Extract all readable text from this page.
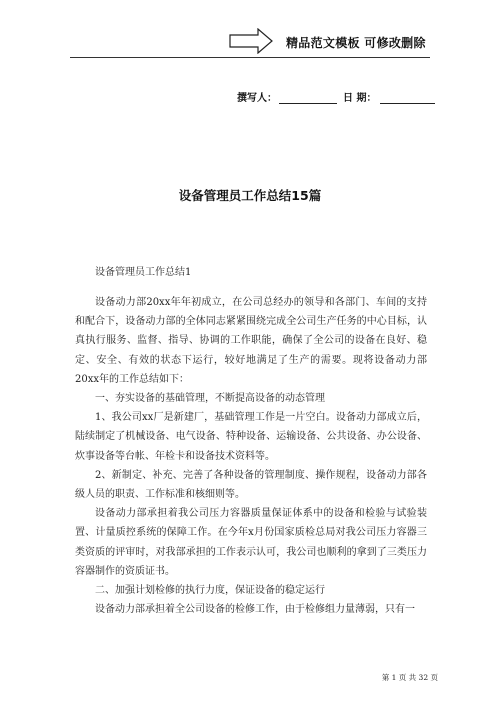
精品范文模板 可修改删除
撰写人：	日 期：
设备管理员工作总结15篇
设备管理员工作总结1

设备动力部20xx年年初成立，在公司总经办的领导和各部门、车间的支持和配合下，设备动力部的全体同志紧紧围绕完成全公司生产任务的中心目标，认真执行服务、监督、指导、协调的工作职能，确保了全公司的设备在良好、稳定、安全、有效的状态下运行，较好地满足了生产的需要。现将设备动力部20xx年的工作总结如下：

一、夯实设备的基础管理，不断提高设备的动态管理

1、我公司xx厂是新建厂，基础管理工作是一片空白。设备动力部成立后，陆续制定了机械设备、电气设备、特种设备、运输设备、公共设备、办公设备、炊事设备等台帐、年检卡和设备技术资料等。

2、新制定、补充、完善了各种设备的管理制度、操作规程，设备动力部各级人员的职责、工作标准和核细则等。

设备动力部承担着我公司压力容器质量保证体系中的设备和检验与试验装置、计量质控系统的保障工作。在今年x月份国家质检总局对我公司压力容器三类资质的评审时，对我部承担的工作表示认可，我公司也顺利的拿到了三类压力容器制作的资质证书。

二、加强计划检修的执行力度，保证设备的稳定运行

设备动力部承担着全公司设备的检修工作，由于检修组力量薄弱，只有一

第 1 页 共 32 页
